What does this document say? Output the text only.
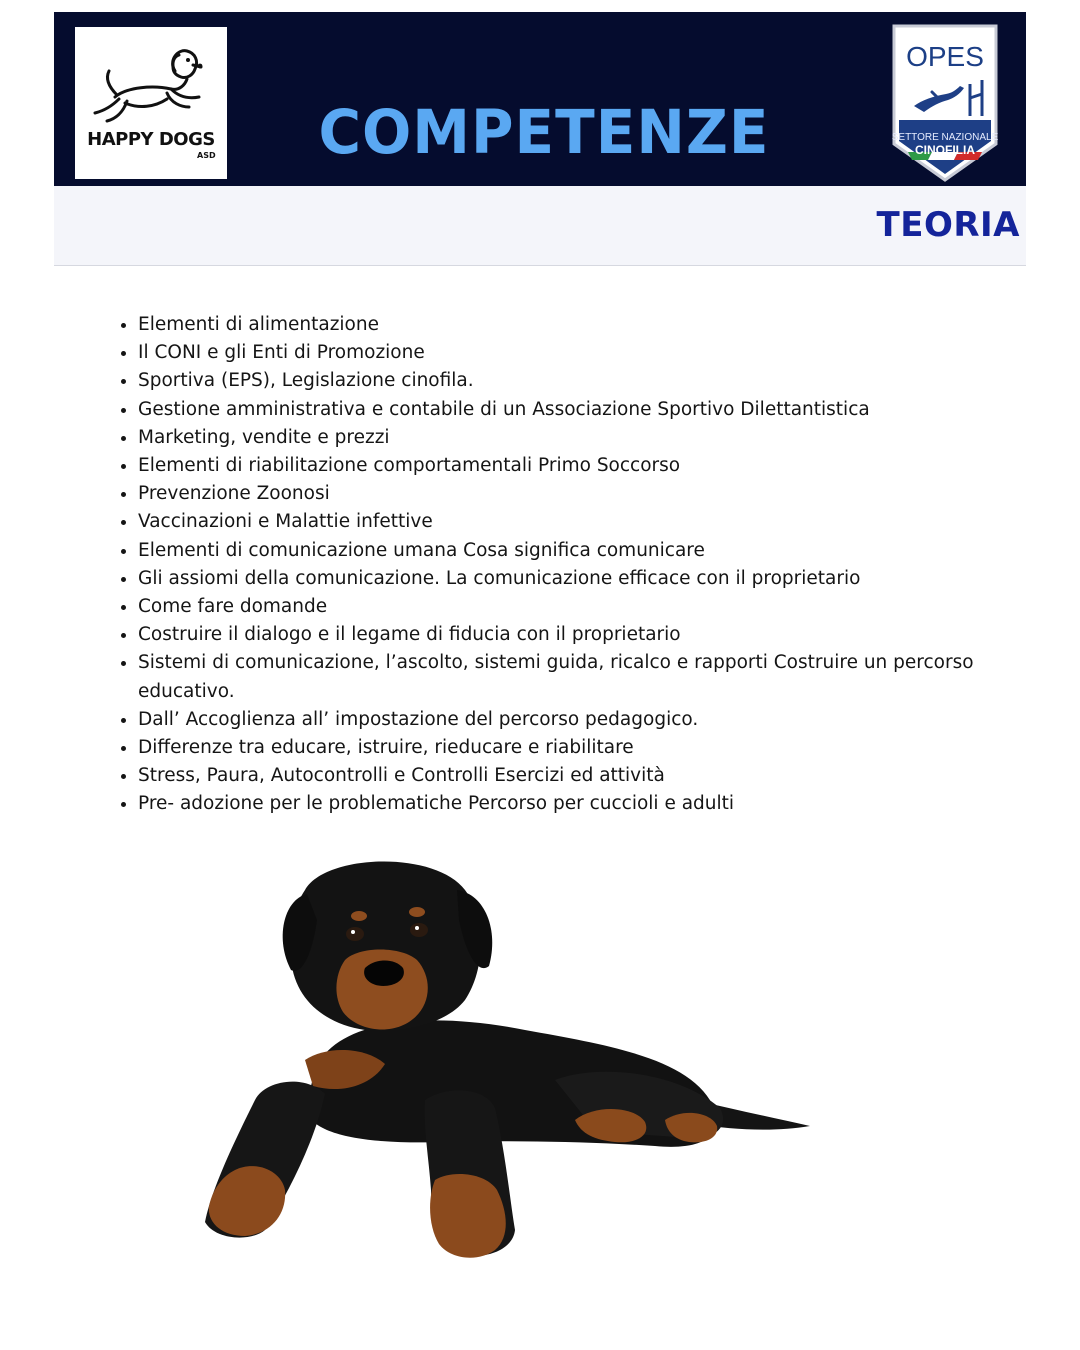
HAPPY DOGS
ASD COMPETENZE
OPES
SETTORE NAZIONALE
CINOFILIA
TEORIA
• Elementi di alimentazione
• Il CONI e gli Enti di Promozione
• Sportiva (EPS), Legislazione cinofila.
• Gestione amministrativa e contabile di un Associazione Sportivo Dilettantistica
• Marketing, vendite e prezzi
• Elementi di riabilitazione comportamentali Primo Soccorso
• Prevenzione Zoonosi
• Vaccinazioni e Malattie infettive
• Elementi di comunicazione umana Cosa significa comunicare
• Gli assiomi della comunicazione. La comunicazione efficace con il proprietario
• Come fare domande
• Costruire il dialogo e il legame di fiducia con il proprietario
• Sistemi di comunicazione, l’ascolto, sistemi guida, ricalco e rapporti Costruire un percorso educativo.
• Dall’ Accoglienza all’ impostazione del percorso pedagogico.
• Differenze tra educare, istruire, rieducare e riabilitare
• Stress, Paura, Autocontrolli e Controlli Esercizi ed attività
• Pre- adozione per le problematiche Percorso per cuccioli e adulti
